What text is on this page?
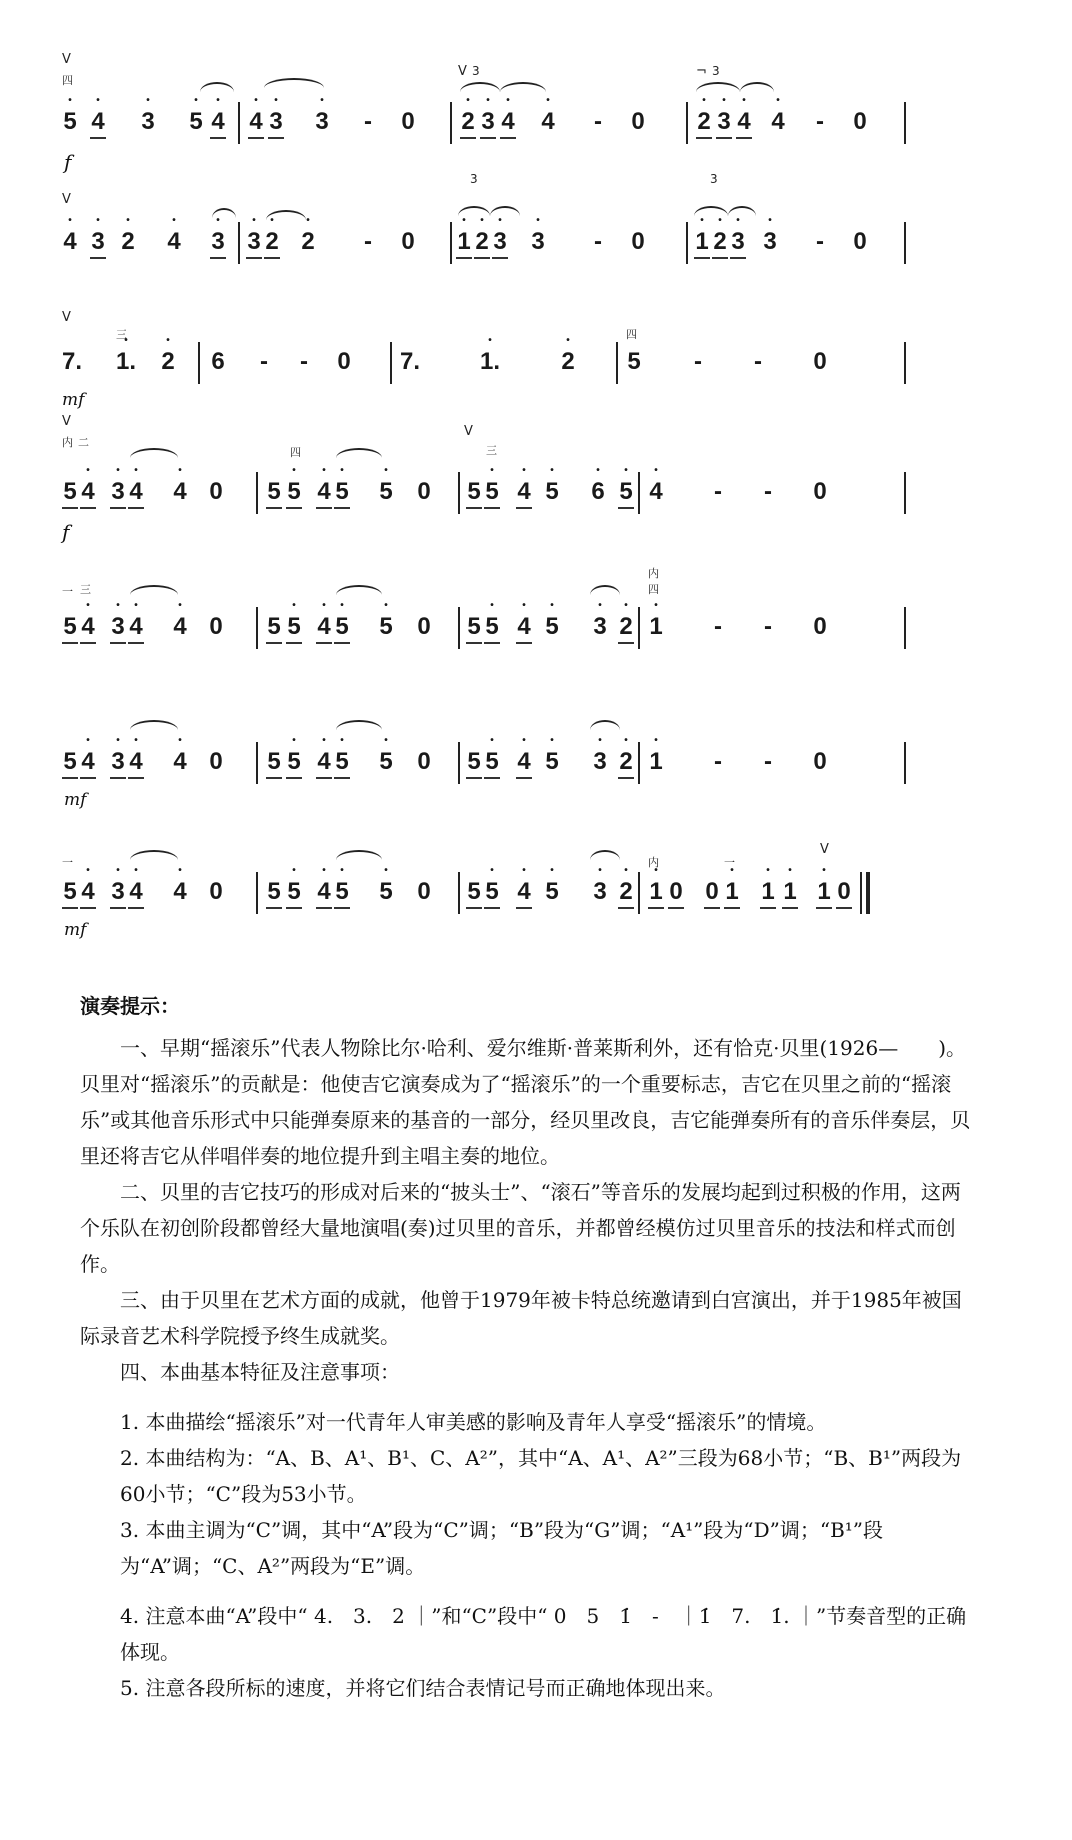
V
四
• 5 • 4 • 3 • 5 • 4 • 4 • 3 • 3 - 0
V 3
• 2 • 3 • 4 • 4 - 0
¬ 3
• 2 • 3 • 4 • 4 - 0
f
V
• 4 • 3 • 2 • 4 • 3 • 3 • 2 • 2 - 0
3
• 1 • 2 • 3 • 3 - 0
3
• 1 • 2 • 3 • 3 - 0
V
三
7. • 1. • 2 6 - - 0 7. • 1.	• 2
四
5 - - 0
mf
V
内 二
5 • 4 • 3 • 4 • 4 0
四
5 • 5 • 4 • 5 • 5 0
V
三
5 • 5 • 4 • 5 • 6 • 5 • 4 - - 0
f
一 三
5 • 4 • 3 • 4 • 4 0 5 • 5 • 4 • 5 • 5 0 5 • 5 • 4 • 5 • 3 • 2
内
四
• 1 - - 0
5 • 4 • 3 • 4 • 4 0 5 • 5 • 4 • 5 • 5 0 5 • 5 • 4 • 5 • 3 • 2 • 1 - - 0
mf
一
5 • 4 • 3 • 4 • 4 0 5 • 5 • 4 • 5 • 5 0 5 • 5 • 4 • 5 • 3 • 2
内
• 1 0 0
一
• 1 • 1 • 1
V
• 1 0
mf
演奏提示：

一、早期“摇滚乐”代表人物除比尔·哈利、爱尔维斯·普莱斯利外，还有恰克·贝里(1926—　　)。贝里对“摇滚乐”的贡献是：他使吉它演奏成为了“摇滚乐”的一个重要标志，吉它在贝里之前的“摇滚乐”或其他音乐形式中只能弹奏原来的基音的一部分，经贝里改良，吉它能弹奏所有的音乐伴奏层，贝里还将吉它从伴唱伴奏的地位提升到主唱主奏的地位。

二、贝里的吉它技巧的形成对后来的“披头士”、“滚石”等音乐的发展均起到过积极的作用，这两个乐队在初创阶段都曾经大量地演唱(奏)过贝里的音乐，并都曾经模仿过贝里音乐的技法和样式而创作。

三、由于贝里在艺术方面的成就，他曾于1979年被卡特总统邀请到白宫演出，并于1985年被国际录音艺术科学院授予终生成就奖。

四、本曲基本特征及注意事项：

1. 本曲描绘“摇滚乐”对一代青年人审美感的影响及青年人享受“摇滚乐”的情境。

2. 本曲结构为：“A、B、A¹、B¹、C、A²”，其中“A、A¹、A²”三段为68小节；“B、B¹”两段为60小节；“C”段为53小节。

3. 本曲主调为“C”调，其中“A”段为“C”调；“B”段为“G”调；“A¹”段为“D”调；“B¹”段为“A”调；“C、A²”两段为“E”调。

4. 注意本曲“A”段中“ 4.　3.　2 ｜”和“C”段中“ 0　5　1̇　-　｜1̇　7.　1̇. ｜”节奏音型的正确体现。

5. 注意各段所标的速度，并将它们结合表情记号而正确地体现出来。
